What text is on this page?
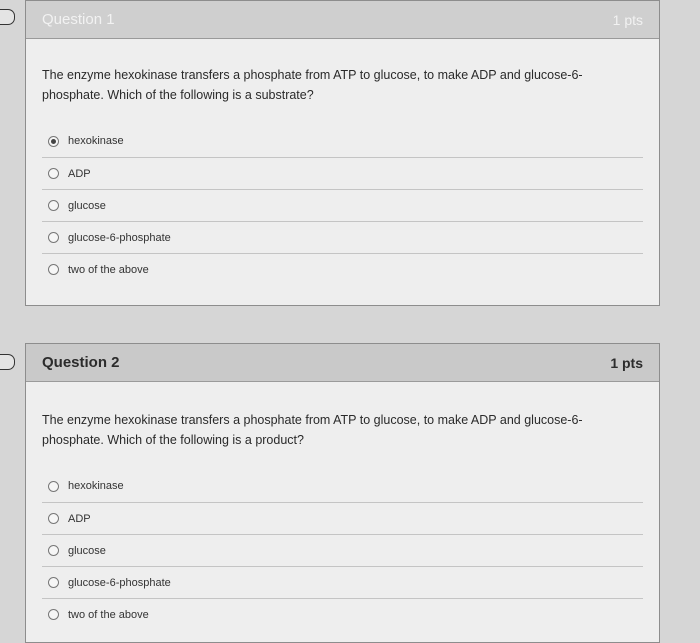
Question 1	1 pts

The enzyme hexokinase transfers a phosphate from ATP to glucose, to make ADP and glucose-6-phosphate. Which of the following is a substrate?

hexokinase
ADP
glucose
glucose-6-phosphate
two of the above
Question 2	1 pts

The enzyme hexokinase transfers a phosphate from ATP to glucose, to make ADP and glucose-6-phosphate. Which of the following is a product?

hexokinase
ADP
glucose
glucose-6-phosphate
two of the above
